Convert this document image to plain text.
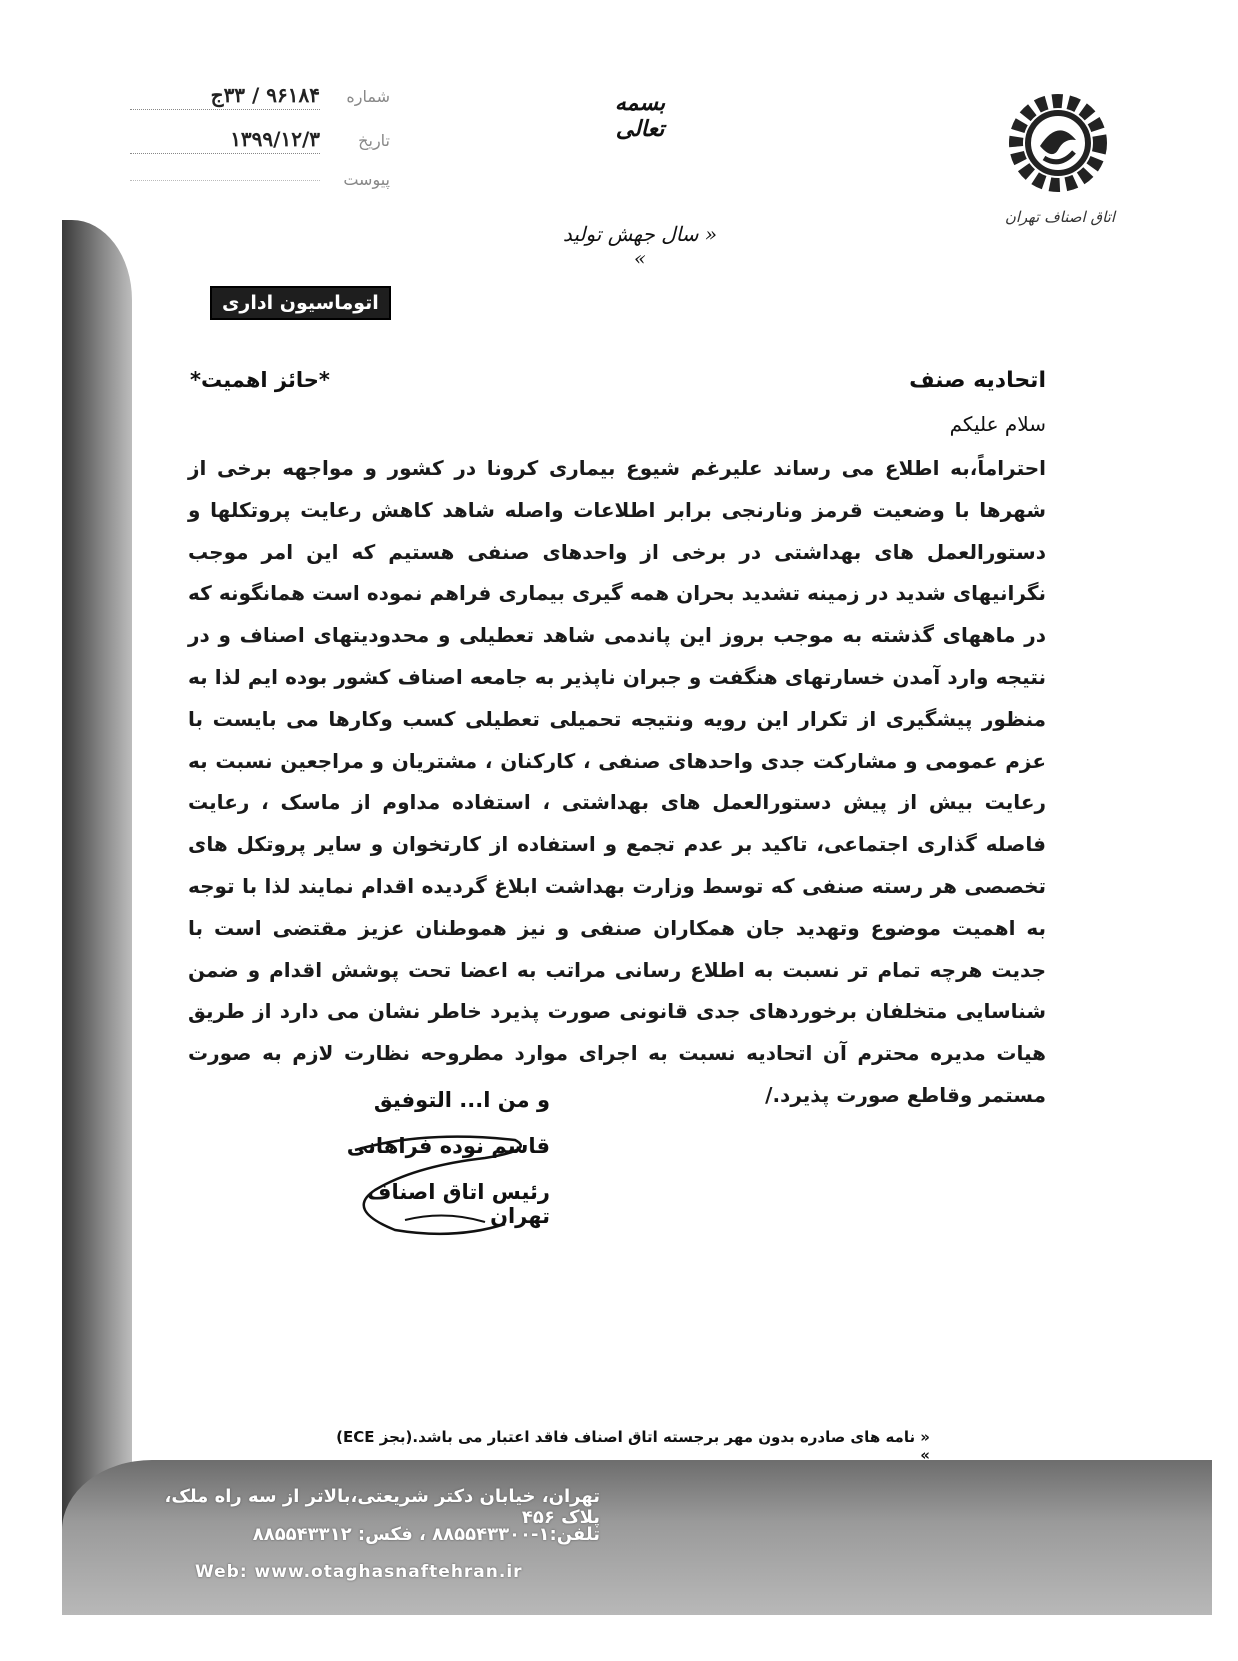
اتاق اصناف تهران
بسمه تعالی
« سال جهش تولید »
شماره
۹۶۱۸۴ / ۳۳ج
تاریخ
۱۳۹۹/۱۲/۳
پیوست
اتوماسیون اداری
*حائز اهمیت*	اتحادیه صنف
سلام علیکم
احتراماً،به اطلاع می رساند علیرغم شیوع بیماری کرونا در کشور و مواجهه برخی از شهرها با وضعیت قرمز ونارنجی برابر اطلاعات واصله شاهد کاهش رعایت پروتکلها و دستورالعمل های بهداشتی در برخی از واحدهای صنفی هستیم که این امر موجب نگرانیهای شدید در زمینه تشدید بحران همه گیری بیماری فراهم نموده است همانگونه که در ماههای گذشته به موجب بروز این پاندمی شاهد تعطیلی و محدودیتهای اصناف و در نتیجه وارد آمدن خسارتهای هنگفت و جبران ناپذیر به جامعه اصناف کشور بوده ایم لذا به منظور پیشگیری از تکرار این رویه ونتیجه تحمیلی تعطیلی کسب وکارها می بایست با عزم عمومی و مشارکت جدی واحدهای صنفی ، کارکنان ، مشتریان و مراجعین نسبت به رعایت بیش از پیش دستورالعمل های بهداشتی ، استفاده مداوم از ماسک ، رعایت فاصله گذاری اجتماعی، تاکید بر عدم تجمع و استفاده از کارتخوان و سایر پروتکل های تخصصی هر رسته صنفی که توسط وزارت بهداشت ابلاغ گردیده اقدام نمایند لذا با توجه به اهمیت موضوع وتهدید جان همکاران صنفی و نیز هموطنان عزیز مقتضی است با جدیت هرچه تمام تر نسبت به اطلاع رسانی مراتب به اعضا تحت پوشش اقدام و ضمن شناسایی متخلفان برخوردهای جدی قانونی صورت پذیرد خاطر نشان می دارد از طریق هیات مدیره محترم آن اتحادیه نسبت به اجرای موارد مطروحه نظارت لازم به صورت مستمر وقاطع صورت پذیرد./
و من ا... التوفیق
قاسم نوده فراهانی
رئیس اتاق اصناف تهران
« نامه های صادره بدون مهر برجسته اتاق اصناف فاقد اعتبار می باشد.(بجز ECE) »
تهران، خیابان دکتر شریعتی،بالاتر از سه راه ملک، پلاک ۴۵۶
تلفن:۱-۸۸۵۵۴۳۳۰۰ ، فکس: ۸۸۵۵۴۳۳۱۲
Web: www.otaghasnaftehran.ir
